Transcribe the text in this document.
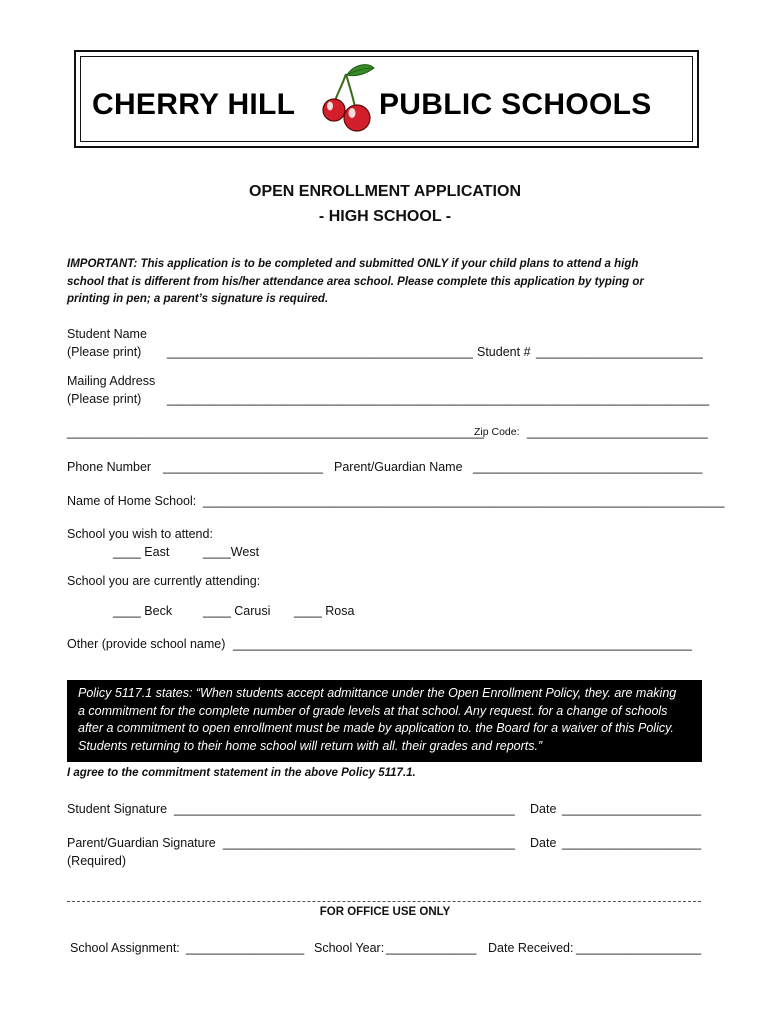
CHERRY HILL	PUBLIC SCHOOLS
OPEN ENROLLMENT APPLICATION
- HIGH SCHOOL -
IMPORTANT: This application is to be completed and submitted ONLY if your child plans to attend a high
school that is different from his/her attendance area school. Please complete this application by typing or
printing in pen; a parent’s signature is required.
Student Name
(Please print) ____________________________________________ Student # ________________________
Mailing Address
(Please print) ______________________________________________________________________________
____________________________________________________________
Zip Code: __________________________
Phone Number _______________________ Parent/Guardian Name _________________________________
Name of Home School: ___________________________________________________________________________
School you wish to attend:
____ East	____West
School you are currently attending:
____ Beck ____ Carusi ____ Rosa
Other (provide school name) __________________________________________________________________
Policy 5117.1 states: “When students accept admittance under the Open Enrollment Policy, they. are making
a commitment for the complete number of grade levels at that school. Any request. for a change of schools
after a commitment to open enrollment must be made by application to. the Board for a waiver of this Policy.
Students returning to their home school will return with all. their grades and reports.”
I agree to the commitment statement in the above Policy 5117.1.
Student Signature _________________________________________________ Date ____________________
Parent/Guardian Signature __________________________________________ Date ____________________
(Required)
FOR OFFICE USE ONLY
School Assignment: _________________ School Year: _____________ Date Received: __________________
